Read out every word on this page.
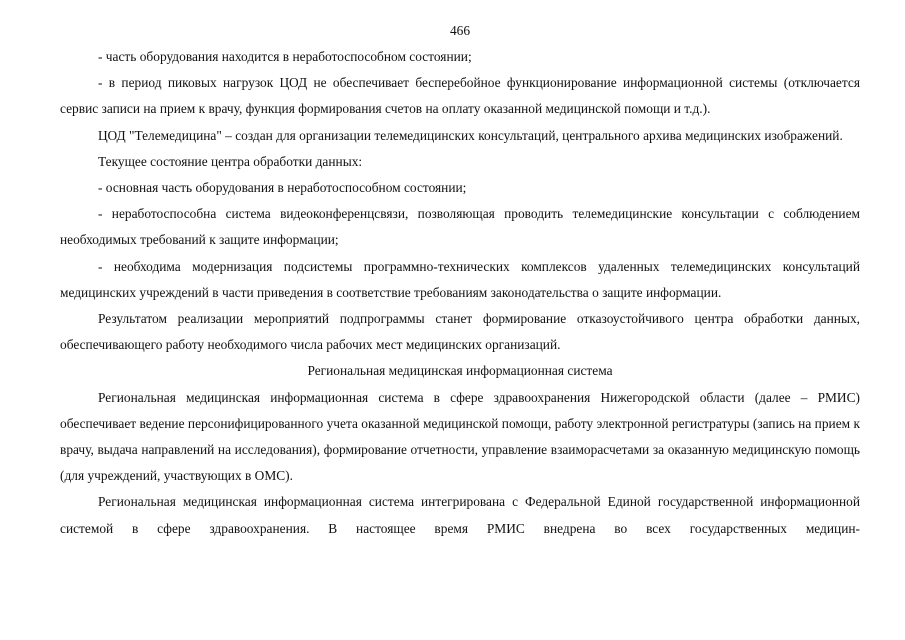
466

- часть оборудования находится в неработоспособном состоянии;

- в период пиковых нагрузок ЦОД не обеспечивает бесперебойное функционирование информационной системы (отключается сервис записи на прием к врачу, функция формирования счетов на оплату оказанной медицинской помощи и т.д.).

ЦОД "Телемедицина" – создан для организации телемедицинских консультаций, центрального архива медицинских изображений.

Текущее состояние центра обработки данных:

- основная часть оборудования в неработоспособном состоянии;

- неработоспособна система видеоконференцсвязи, позволяющая проводить телемедицинские консультации с соблюдением необходимых требований к защите информации;

- необходима модернизация подсистемы программно-технических комплексов удаленных телемедицинских консультаций медицинских учреждений в части приведения в соответствие требованиям законодательства о защите информации.

Результатом реализации мероприятий подпрограммы станет формирование отказоустойчивого центра обработки данных, обеспечивающего работу необходимого числа рабочих мест медицинских организаций.

Региональная медицинская информационная система

Региональная медицинская информационная система в сфере здравоохранения Нижегородской области (далее – РМИС) обеспечивает ведение персонифицированного учета оказанной медицинской помощи, работу электронной регистратуры (запись на прием к врачу, выдача направлений на исследования), формирование отчетности, управление взаиморасчетами за оказанную медицинскую помощь (для учреждений, участвующих в ОМС).

Региональная медицинская информационная система интегрирована с Федеральной Единой государственной информационной системой в сфере здравоохранения. В настоящее время РМИС внедрена во всех государственных медицин-
